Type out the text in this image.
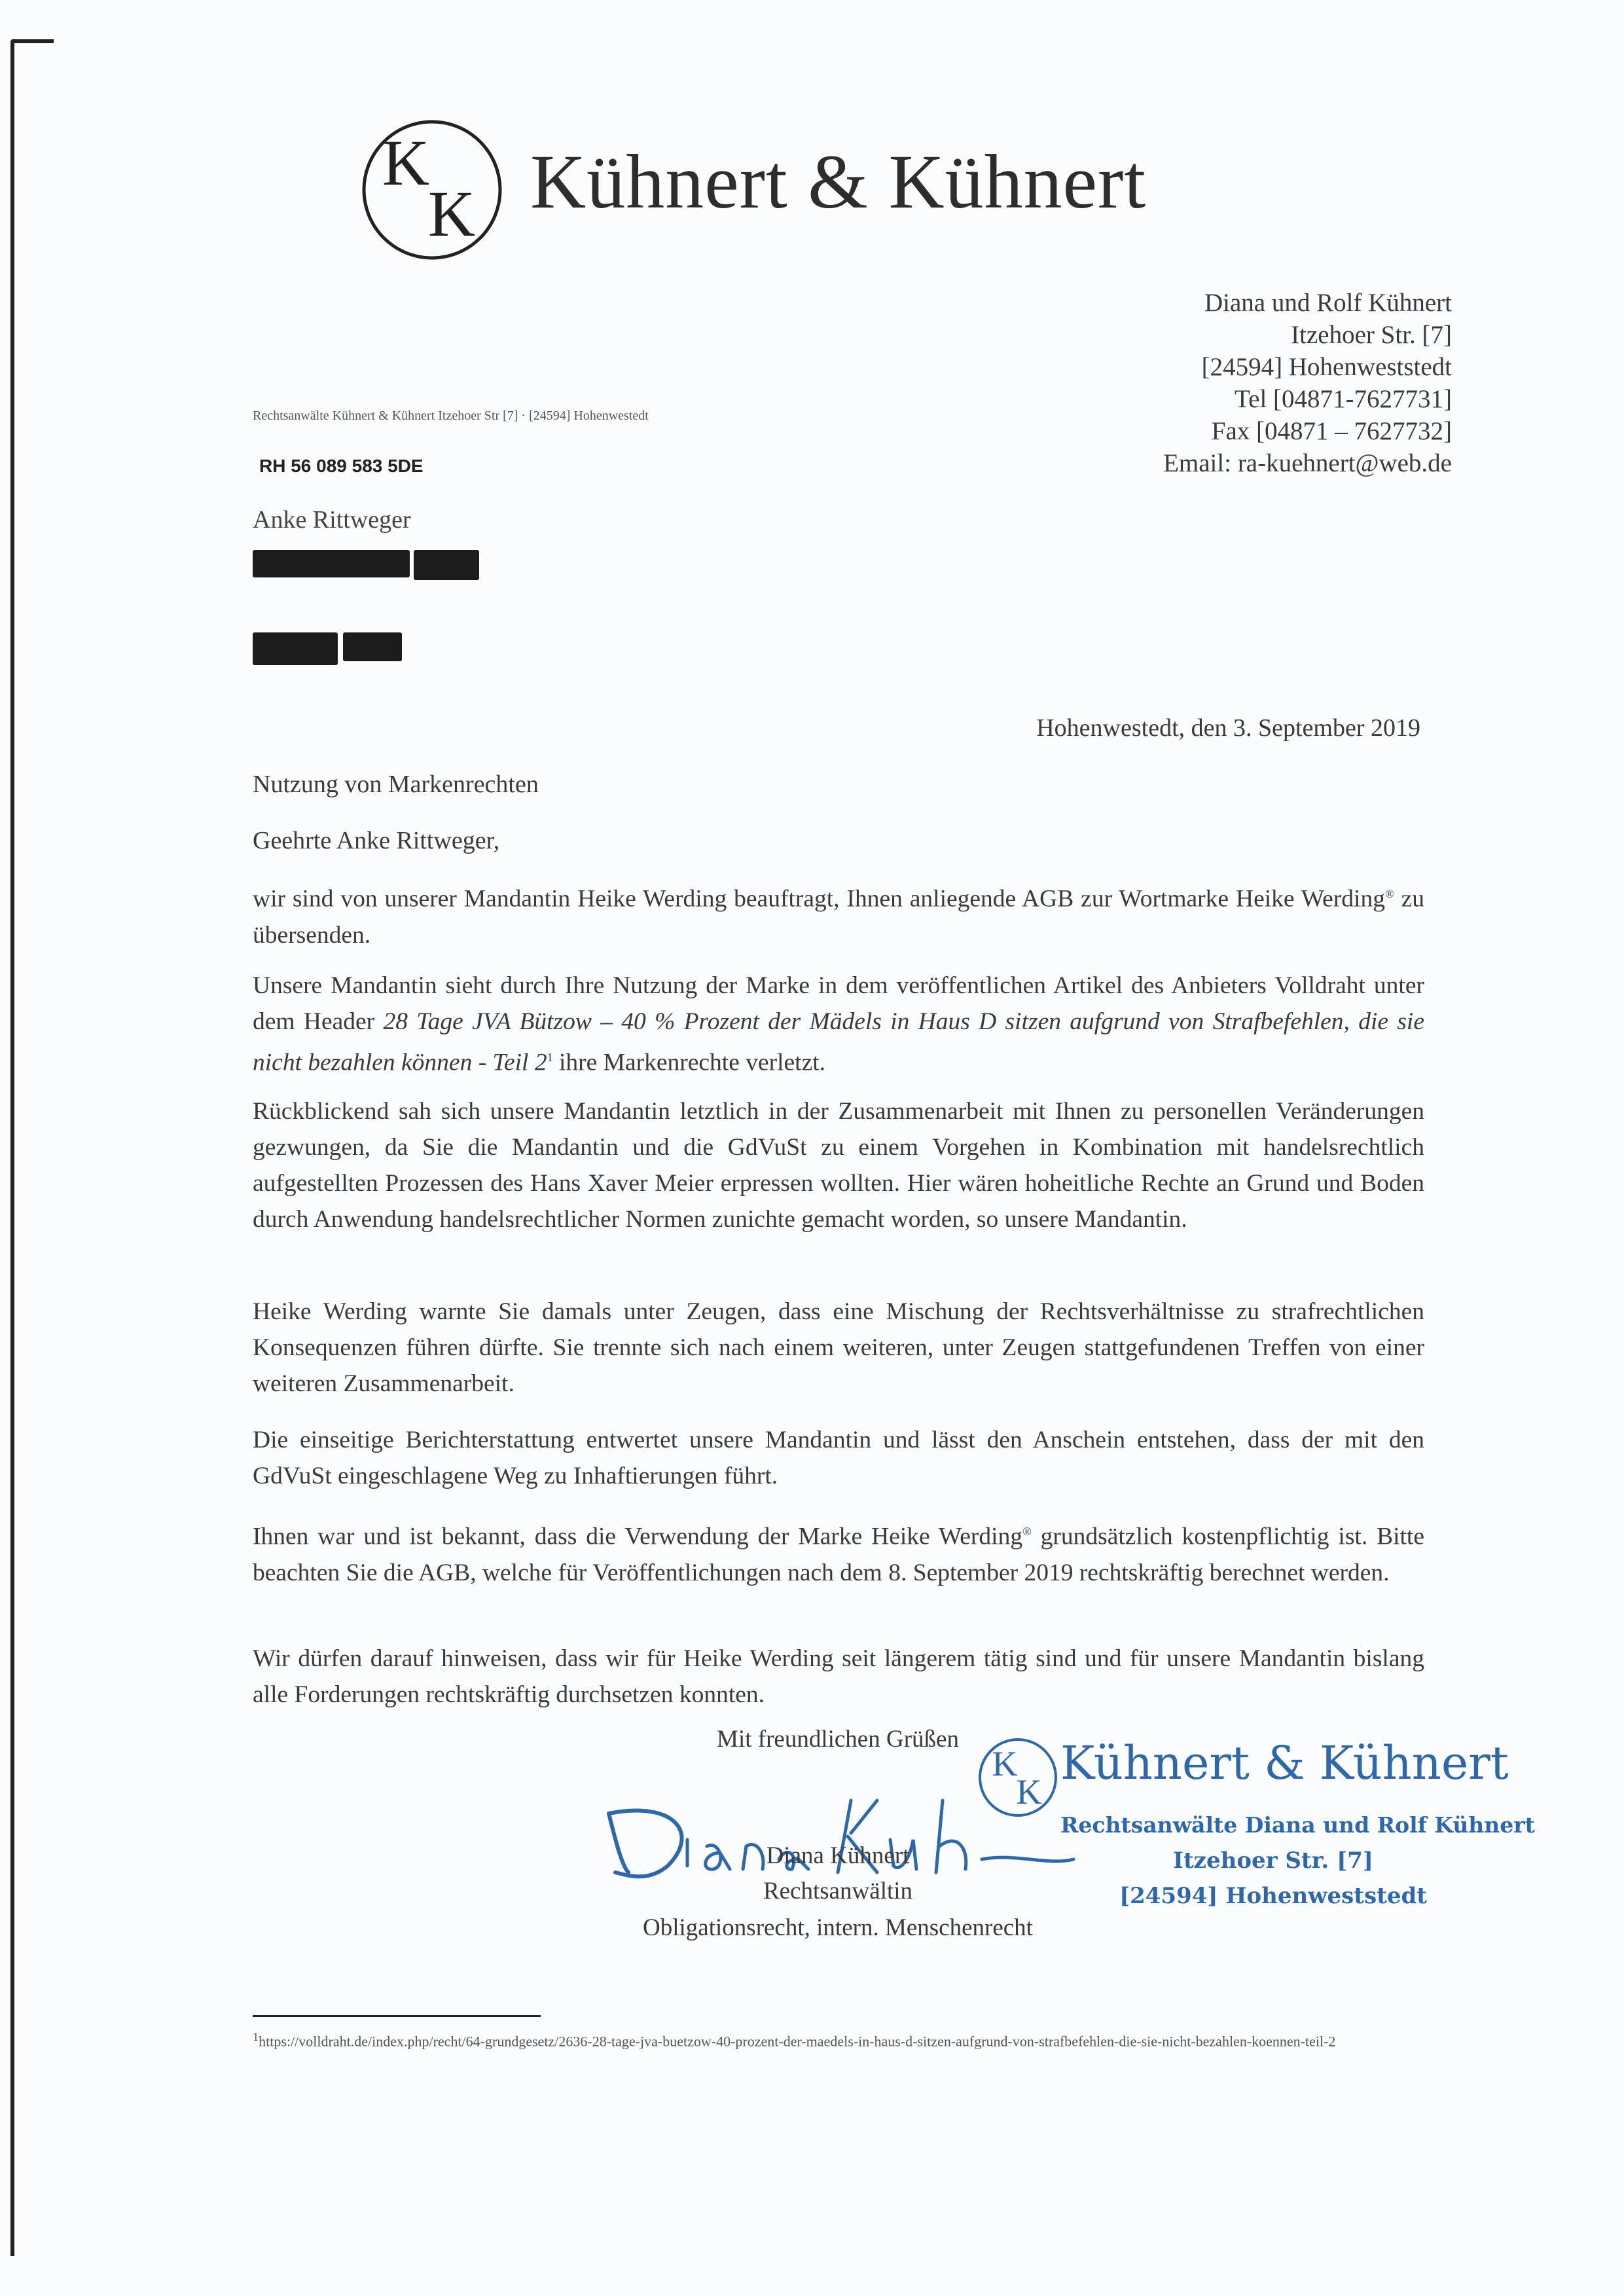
K
K Kühnert & Kühnert
Diana und Rolf Kühnert
Itzehoer Str. [7]
[24594] Hohenweststedt
Tel [04871-7627731]
Fax [04871 – 7627732]
Email: ra-kuehnert@web.de
Rechtsanwälte Kühnert & Kühnert Itzehoer Str [7] · [24594] Hohenwestedt
RH 56 089 583 5DE
Anke Rittweger
Hohenwestedt, den 3. September 2019
Nutzung von Markenrechten
Geehrte Anke Rittweger,
wir sind von unserer Mandantin Heike Werding beauftragt, Ihnen anliegende AGB zur Wortmarke Heike Werding® zu übersenden.
Unsere Mandantin sieht durch Ihre Nutzung der Marke in dem veröffentlichen Artikel des Anbieters Volldraht unter dem Header 28 Tage JVA Bützow – 40 % Prozent der Mädels in Haus D sitzen aufgrund von Strafbefehlen, die sie nicht bezahlen können - Teil $2^1$ ihre Markenrechte verletzt.
Rückblickend sah sich unsere Mandantin letztlich in der Zusammenarbeit mit Ihnen zu personellen Veränderungen gezwungen, da Sie die Mandantin und die GdVuSt zu einem Vorgehen in Kombination mit handelsrechtlich aufgestellten Prozessen des Hans Xaver Meier erpressen wollten. Hier wären hoheitliche Rechte an Grund und Boden durch Anwendung handelsrechtlicher Normen zunichte gemacht worden, so unsere Mandantin.
Heike Werding warnte Sie damals unter Zeugen, dass eine Mischung der Rechtsverhältnisse zu strafrechtlichen Konsequenzen führen dürfte. Sie trennte sich nach einem weiteren, unter Zeugen stattgefundenen Treffen von einer weiteren Zusammenarbeit.
Die einseitige Berichterstattung entwertet unsere Mandantin und lässt den Anschein entstehen, dass der mit den GdVuSt eingeschlagene Weg zu Inhaftierungen führt.
Ihnen war und ist bekannt, dass die Verwendung der Marke Heike Werding® grundsätzlich kostenpflichtig ist. Bitte beachten Sie die AGB, welche für Veröffentlichungen nach dem 8. September 2019 rechtskräftig berechnet werden.
Wir dürfen darauf hinweisen, dass wir für Heike Werding seit längerem tätig sind und für unsere Mandantin bislang alle Forderungen rechtskräftig durchsetzen konnten.
Mit freundlichen Grüßen
Diana Kühnert
Rechtsanwältin
Obligationsrecht, intern. Menschenrecht
K
K
Kühnert & Kühnert
Rechtsanwälte Diana und Rolf Kühnert
Itzehoer Str. [7]
[24594] Hohenweststedt
$^1$https://volldraht.de/index.php/recht/64-grundgesetz/2636-28-tage-jva-buetzow-40-prozent-der-maedels-in-haus-d-sitzen-aufgrund-von-strafbefehlen-die-sie-nicht-bezahlen-koennen-teil-2
